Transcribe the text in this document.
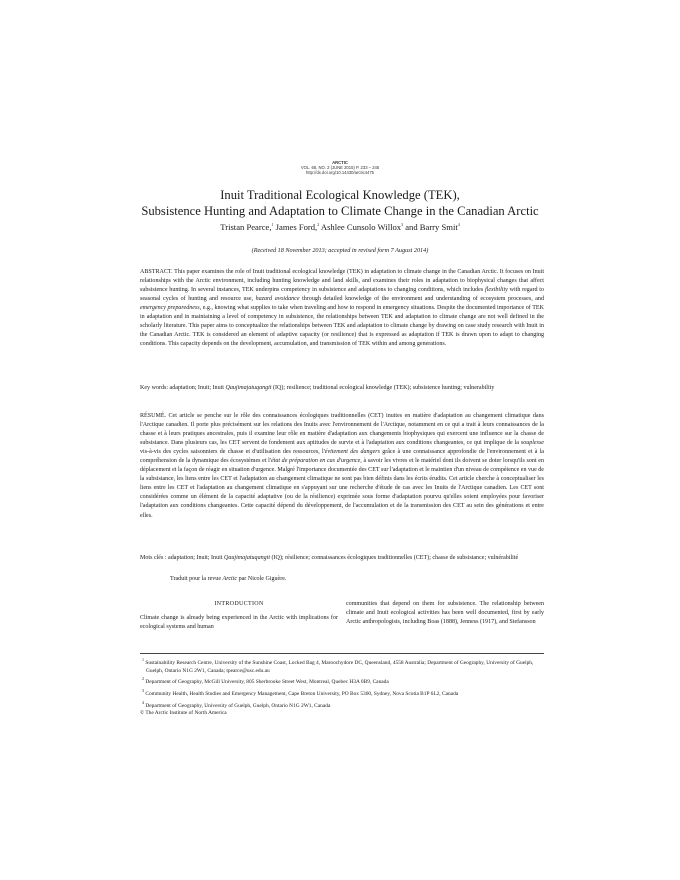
ARCTIC
VOL. 68, NO. 2 (JUNE 2015) P. 233 – 245
http://dx.doi.org/10.14430/arctic4475
Inuit Traditional Ecological Knowledge (TEK),
Subsistence Hunting and Adaptation to Climate Change in the Canadian Arctic
Tristan Pearce,$^1$ James Ford,$^2$ Ashlee Cunsolo Willox$^3$ and Barry Smit$^4$
(Received 18 November 2013; accepted in revised form 7 August 2014)

ABSTRACT. This paper examines the role of Inuit traditional ecological knowledge (TEK) in adaptation to climate change in the Canadian Arctic. It focuses on Inuit relationships with the Arctic environment, including hunting knowledge and land skills, and examines their roles in adaptation to biophysical changes that affect subsistence hunting. In several instances, TEK underpins competency in subsistence and adaptations to changing conditions, which includes flexibility with regard to seasonal cycles of hunting and resource use, hazard avoidance through detailed knowledge of the environment and understanding of ecosystem processes, and emergency preparedness, e.g., knowing what supplies to take when traveling and how to respond in emergency situations. Despite the documented importance of TEK in adaptation and in maintaining a level of competency in subsistence, the relationships between TEK and adaptation to climate change are not well defined in the scholarly literature. This paper aims to conceptualize the relationships between TEK and adaptation to climate change by drawing on case study research with Inuit in the Canadian Arctic. TEK is considered an element of adaptive capacity (or resilience) that is expressed as adaptation if TEK is drawn upon to adapt to changing conditions. This capacity depends on the development, accumulation, and transmission of TEK within and among generations.

Key words: adaptation; Inuit; Inuit Qaujimajatuqangit (IQ); resilience; traditional ecological knowledge (TEK); subsistence hunting; vulnerability

RÉSUMÉ. Cet article se penche sur le rôle des connaissances écologiques traditionnelles (CET) inuites en matière d'adaptation au changement climatique dans l'Arctique canadien. Il porte plus précisément sur les relations des Inuits avec l'environnement de l'Arctique, notamment en ce qui a trait à leurs connaissances de la chasse et à leurs pratiques ancestrales, puis il examine leur rôle en matière d'adaptation aux changements biophysiques qui exercent une influence sur la chasse de subsistance. Dans plusieurs cas, les CET servent de fondement aux aptitudes de survie et à l'adaptation aux conditions changeantes, ce qui implique de la souplesse vis-à-vis des cycles saisonniers de chasse et d'utilisation des ressources, l'évitement des dangers grâce à une connaissance approfondie de l'environnement et à la compréhension de la dynamique des écosystèmes et l'état de préparation en cas d'urgence, à savoir les vivres et le matériel dont ils doivent se doter lorsqu'ils sont en déplacement et la façon de réagir en situation d'urgence. Malgré l'importance documentée des CET sur l'adaptation et le maintien d'un niveau de compétence en vue de la subsistance, les liens entre les CET et l'adaptation au changement climatique ne sont pas bien définis dans les écrits érudits. Cet article cherche à conceptualiser les liens entre les CET et l'adaptation au changement climatique en s'appuyant sur une recherche d'étude de cas avec les Inuits de l'Arctique canadien. Les CET sont considérées comme un élément de la capacité adaptative (ou de la résilience) exprimée sous forme d'adaptation pourvu qu'elles soient employées pour favoriser l'adaptation aux conditions changeantes. Cette capacité dépend du développement, de l'accumulation et de la transmission des CET au sein des générations et entre elles.

Mots clés : adaptation; Inuit; Inuit Qaujimajatuqangit (IQ); résilience; connaissances écologiques traditionnelles (CET); chasse de subsistance; vulnérabilité

Traduit pour la revue Arctic par Nicole Giguère.

INTRODUCTION

Climate change is already being experienced in the Arctic with implications for ecological systems and human

communities that depend on them for subsistence. The relationship between climate and Inuit ecological activities has been well documented, first by early Arctic anthropologists, including Boas (1888), Jenness (1917), and Stefansson

$^1$ Sustainability Research Centre, University of the Sunshine Coast, Locked Bag 4, Maroochydore DC, Queensland, 4558 Australia; Department of Geography, University of Guelph, Guelph, Ontario N1G 2W1, Canada; tpearce@usc.edu.au
$^2$ Department of Geography, McGill University, 805 Sherbrooke Street West, Montreal, Quebec H3A 0B9, Canada
$^3$ Community Health, Health Studies and Emergency Management, Cape Breton University, PO Box 5300, Sydney, Nova Scotia B1P 6L2, Canada
$^4$ Department of Geography, University of Guelph, Guelph, Ontario N1G 2W1, Canada
© The Arctic Institute of North America
